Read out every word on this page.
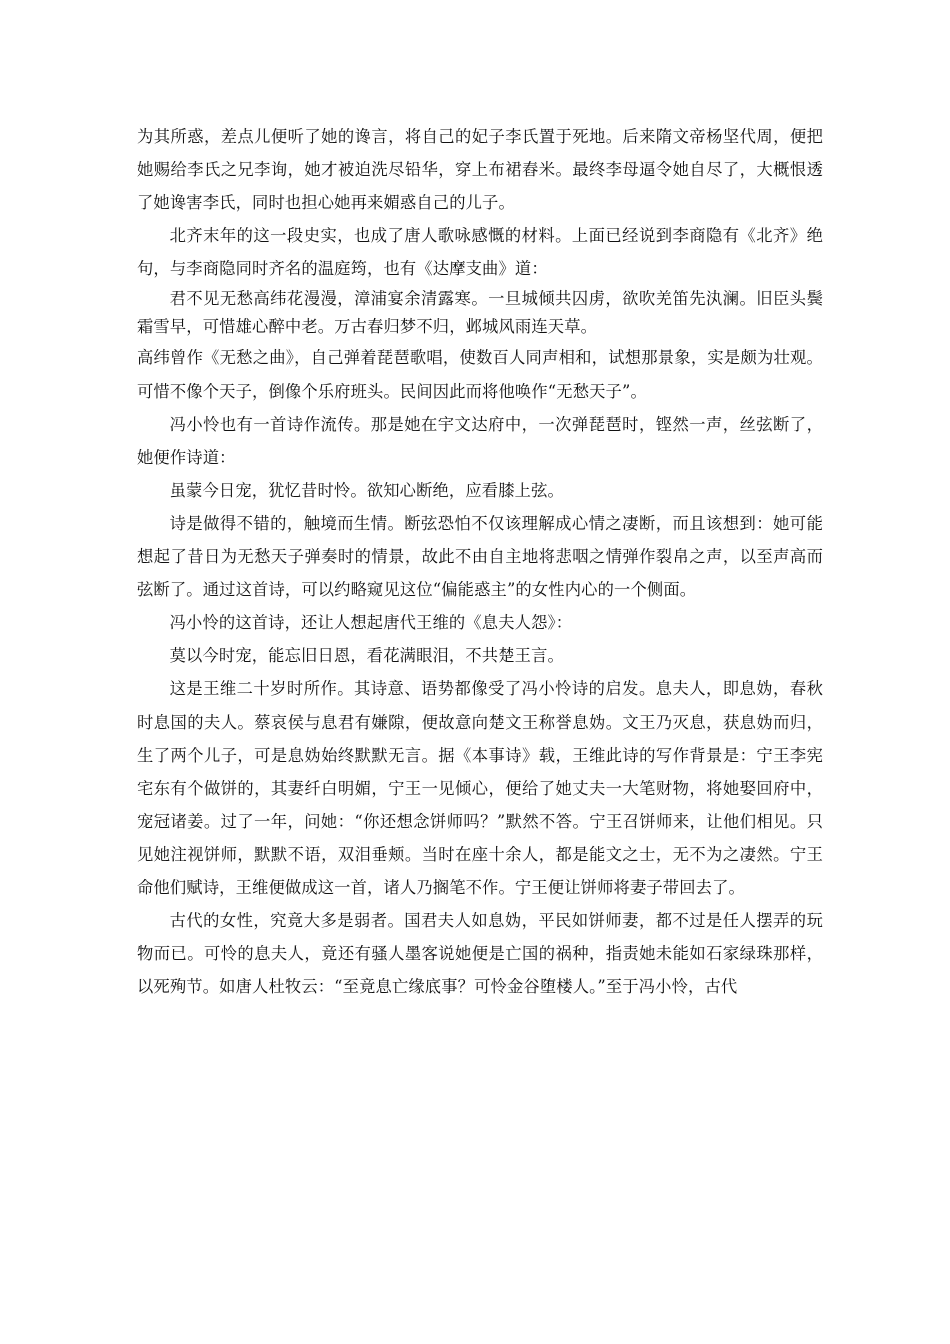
为其所惑，差点儿便听了她的谗言，将自己的妃子李氏置于死地。后来隋文帝杨坚代周，便把她赐给李氏之兄李询，她才被迫洗尽铅华，穿上布裙舂米。最终李母逼令她自尽了，大概恨透了她谗害李氏，同时也担心她再来媚惑自己的儿子。

北齐末年的这一段史实，也成了唐人歌咏感慨的材料。上面已经说到李商隐有《北齐》绝句，与李商隐同时齐名的温庭筠，也有《达摩支曲》道：

君不见无愁高纬花漫漫，漳浦宴余清露寒。一旦城倾共囚虏，欲吹羌笛先汍澜。旧臣头鬓霜雪早，可惜雄心醉中老。万古春归梦不归，邺城风雨连天草。

高纬曾作《无愁之曲》，自己弹着琵琶歌唱，使数百人同声相和，试想那景象，实是颇为壮观。可惜不像个天子，倒像个乐府班头。民间因此而将他唤作“无愁天子”。

冯小怜也有一首诗作流传。那是她在宇文达府中，一次弹琵琶时，铿然一声，丝弦断了，她便作诗道：

虽蒙今日宠，犹忆昔时怜。欲知心断绝，应看膝上弦。

诗是做得不错的，触境而生情。断弦恐怕不仅该理解成心情之凄断，而且该想到：她可能想起了昔日为无愁天子弹奏时的情景，故此不由自主地将悲咽之情弹作裂帛之声，以至声高而弦断了。通过这首诗，可以约略窥见这位“偏能惑主”的女性内心的一个侧面。

冯小怜的这首诗，还让人想起唐代王维的《息夫人怨》：

莫以今时宠，能忘旧日恩，看花满眼泪，不共楚王言。

这是王维二十岁时所作。其诗意、语势都像受了冯小怜诗的启发。息夫人，即息妫，春秋时息国的夫人。蔡哀侯与息君有嫌隙，便故意向楚文王称誉息妫。文王乃灭息，获息妫而归，生了两个儿子，可是息妫始终默默无言。据《本事诗》载，王维此诗的写作背景是：宁王李宪宅东有个做饼的，其妻纤白明媚，宁王一见倾心，便给了她丈夫一大笔财物，将她娶回府中，宠冠诸姜。过了一年，问她：“你还想念饼师吗？”默然不答。宁王召饼师来，让他们相见。只见她注视饼师，默默不语，双泪垂颊。当时在座十余人，都是能文之士，无不为之凄然。宁王命他们赋诗，王维便做成这一首，诸人乃搁笔不作。宁王便让饼师将妻子带回去了。

古代的女性，究竟大多是弱者。国君夫人如息妫，平民如饼师妻，都不过是任人摆弄的玩物而已。可怜的息夫人，竟还有骚人墨客说她便是亡国的祸种，指责她未能如石家绿珠那样，以死殉节。如唐人杜牧云：“至竟息亡缘底事？可怜金谷堕楼人。”至于冯小怜，古代
